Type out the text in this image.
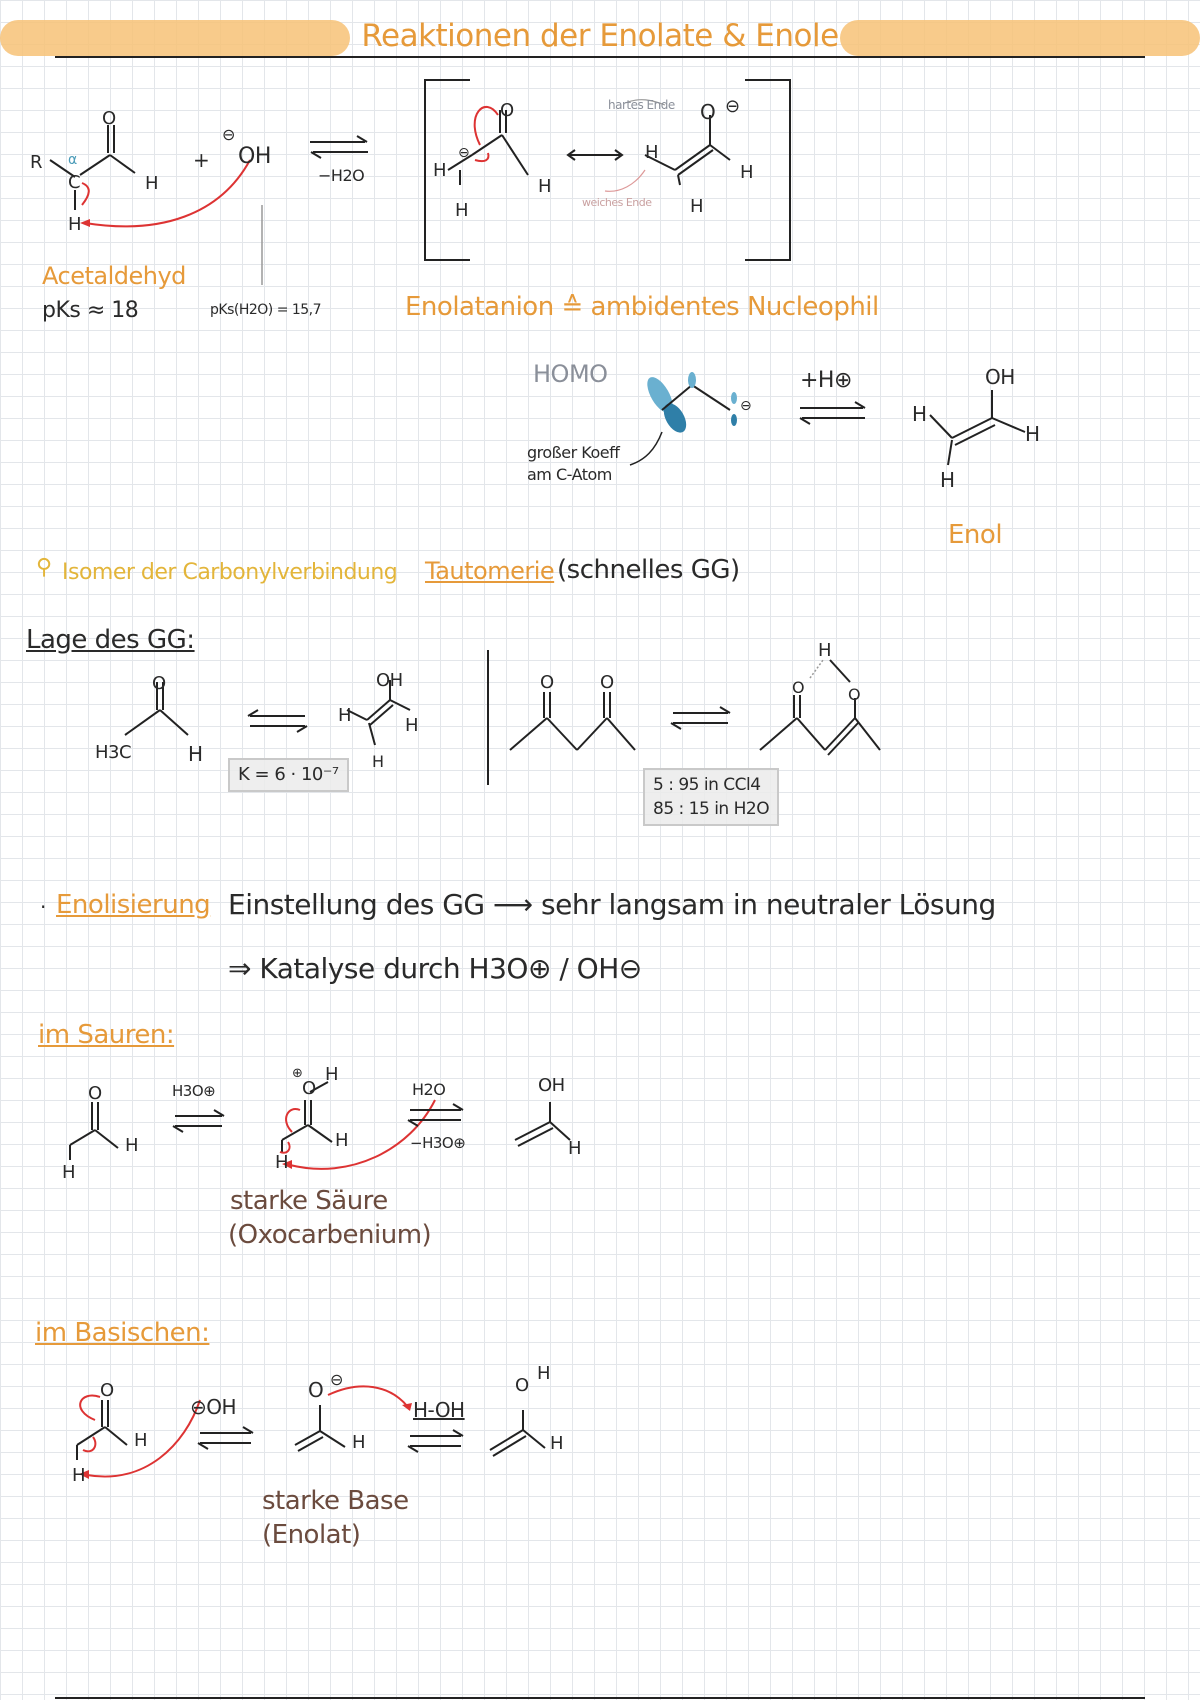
Reaktionen der Enolate & Enole
R α
C
O
H
H
+
⊖
OH
−H2O
Acetaldehyd
pKs ≈ 18	pKs(H2O) = 15,7
O
⊖
H
H
H
O ⊖
H
H
H
hartes Ende
weiches Ende
Enolatanion ≙ ambidentes Nucleophil
HOMO
⊖
großer Koeff
am C-Atom
+H⊕	OH
H
H
H
Enol
⚲ Isomer der Carbonylverbindung Tautomerie (schnelles GG)
Lage des GG:
O
H3C	H
K = 6 · 10⁻⁷
OH
H	H
H
O	O
H
O	O
5 : 95 in CCl4
85 : 15 in H2O
· Enolisierung Einstellung des GG ⟶ sehr langsam in neutraler Lösung
⇒ Katalyse durch H3O⊕ / OH⊖
im Sauren:
O
H
H
H3O⊕
⊕
O
H
H
H
H2O
−H3O⊕
OH
H
starke Säure
(Oxocarbenium)
im Basischen:
O
H
H
⊖OH
O ⊖
H
H-OH
O
H
H
starke Base
(Enolat)
